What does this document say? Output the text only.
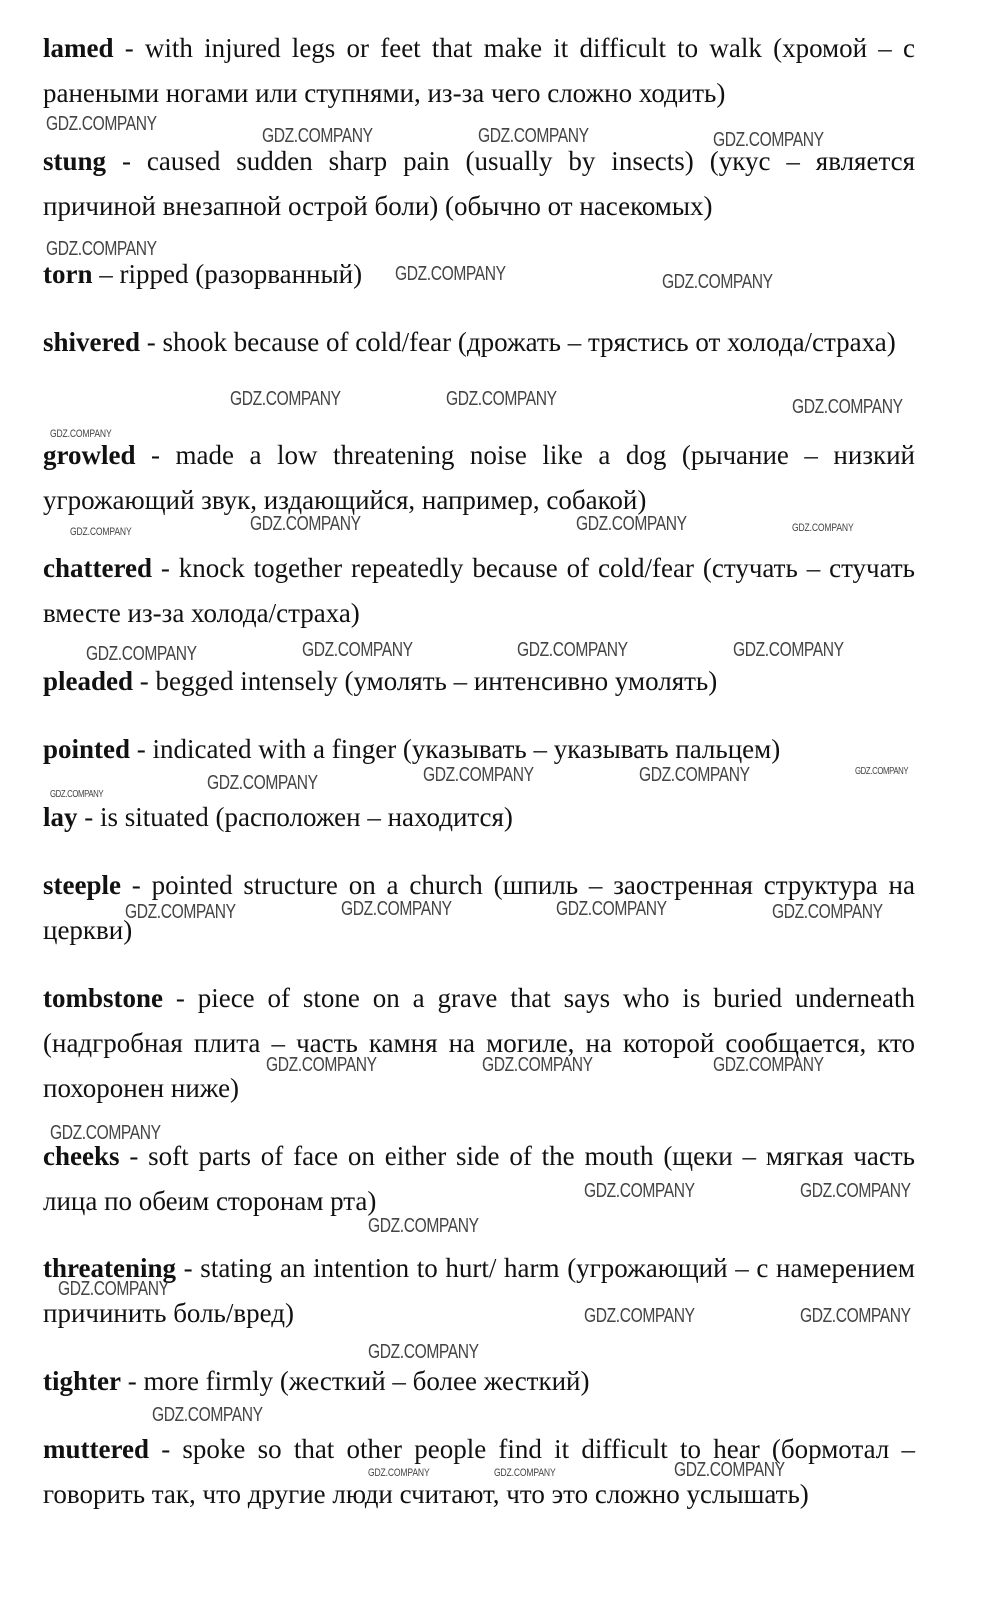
lamed - with injured legs or feet that make it difficult to walk (хромой – с ранеными ногами или ступнями, из-за чего сложно ходить)

stung - caused sudden sharp pain (usually by insects) (укус – является причиной внезапной острой боли) (обычно от насекомых)

torn – ripped (разорванный)

shivered - shook because of cold/fear (дрожать – трястись от холода/страха)

growled - made a low threatening noise like a dog (рычание – низкий угрожающий звук, издающийся, например, собакой)

chattered - knock together repeatedly because of cold/fear (стучать – стучать вместе из-за холода/страха)

pleaded - begged intensely (умолять – интенсивно умолять)

pointed - indicated with a finger (указывать – указывать пальцем)

lay - is situated (расположен – находится)

steeple - pointed structure on a church (шпиль – заостренная структура на церкви)

tombstone - piece of stone on a grave that says who is buried underneath (надгробная плита – часть камня на могиле, на которой сообщается, кто похоронен ниже)

cheeks - soft parts of face on either side of the mouth (щеки – мягкая часть лица по обеим сторонам рта)

threatening - stating an intention to hurt/ harm (угрожающий – с намерением причинить боль/вред)

tighter - more firmly (жесткий – более жесткий)

muttered - spoke so that other people find it difficult to hear (бормотал – говорить так, что другие люди считают, что это сложно услышать)

GDZ.COMPANY
GDZ.COMPANY	GDZ.COMPANY	GDZ.COMPANY
GDZ.COMPANY
GDZ.COMPANY	GDZ.COMPANY
GDZ.COMPANY	GDZ.COMPANY	GDZ.COMPANY
GDZ.COMPANY
GDZ.COMPANY	GDZ.COMPANY
GDZ.COMPANY	GDZ.COMPANY
GDZ.COMPANY	GDZ.COMPANY	GDZ.COMPANY	GDZ.COMPANY
GDZ.COMPANY	GDZ.COMPANY	GDZ.COMPANY	GDZ.COMPANY
GDZ.COMPANY
GDZ.COMPANY	GDZ.COMPANY	GDZ.COMPANY	GDZ.COMPANY
GDZ.COMPANY	GDZ.COMPANY	GDZ.COMPANY
GDZ.COMPANY
GDZ.COMPANY	GDZ.COMPANY
GDZ.COMPANY
GDZ.COMPANY
GDZ.COMPANY	GDZ.COMPANY
GDZ.COMPANY
GDZ.COMPANY
GDZ.COMPANY	GDZ.COMPANY	GDZ.COMPANY
